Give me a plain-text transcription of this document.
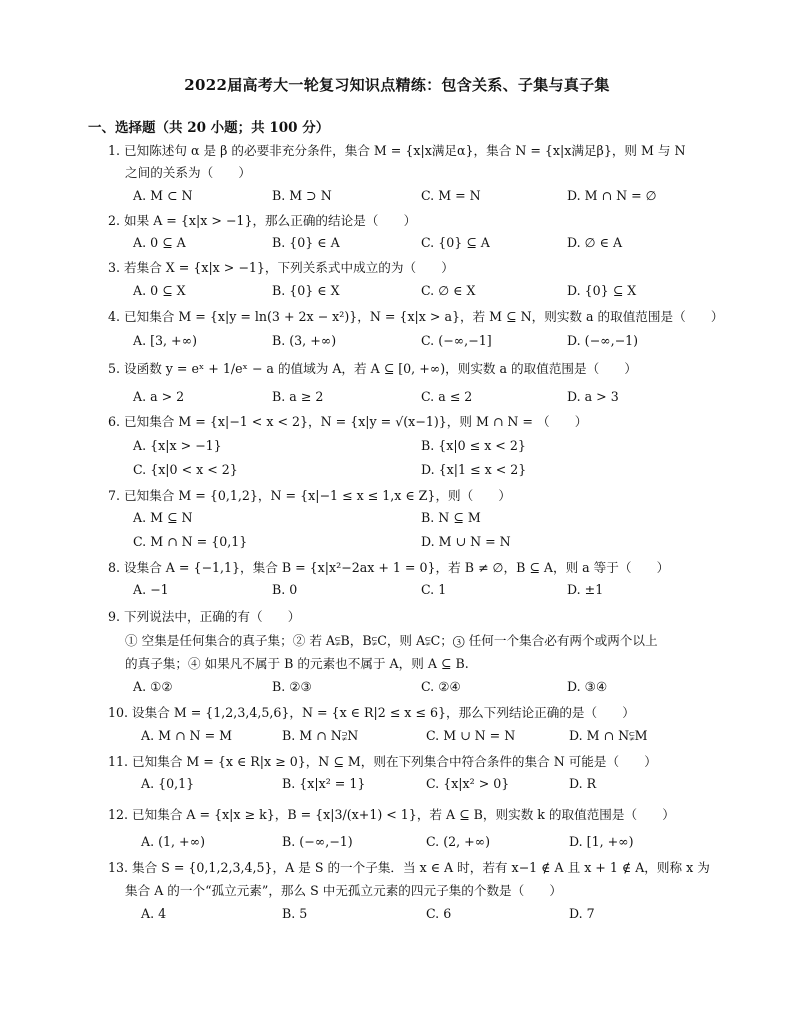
2022届高考大一轮复习知识点精练：包含关系、子集与真子集
一、选择题（共 20 小题；共 100 分）
1. 已知陈述句 α 是 β 的必要非充分条件，集合 M = {x|x满足α}，集合 N = {x|x满足β}，则 M 与 N
之间的关系为（　　）
A. M ⊂ N	B. M ⊃ N	C. M = N	D. M ∩ N = ∅
2. 如果 A = {x|x > −1}，那么正确的结论是（　　）
A. 0 ⊆ A	B. {0} ∈ A	C. {0} ⊆ A	D. ∅ ∈ A
3. 若集合 X = {x|x > −1}，下列关系式中成立的为（　　）
A. 0 ⊆ X	B. {0} ∈ X	C. ∅ ∈ X	D. {0} ⊆ X
4. 已知集合 M = {x|y = ln(3 + 2x − x²)}，N = {x|x > a}，若 M ⊆ N，则实数 a 的取值范围是（　　）
A. [3, +∞)	B. (3, +∞)	C. (−∞,−1]	D. (−∞,−1)
5. 设函数 y = eˣ + 1/eˣ − a 的值域为 A，若 A ⊆ [0, +∞)，则实数 a 的取值范围是（　　）
A. a > 2	B. a ≥ 2	C. a ≤ 2	D. a > 3
6. 已知集合 M = {x|−1 < x < 2}，N = {x|y = √(x−1)}，则 M ∩ N = （　　）
A. {x|x > −1}	B. {x|0 ≤ x < 2}
C. {x|0 < x < 2}	D. {x|1 ≤ x < 2}
7. 已知集合 M = {0,1,2}，N = {x|−1 ≤ x ≤ 1,x ∈ Z}，则（　　）
A. M ⊆ N	B. N ⊆ M
C. M ∩ N = {0,1}	D. M ∪ N = N
8. 设集合 A = {−1,1}，集合 B = {x|x²−2ax + 1 = 0}，若 B ≠ ∅，B ⊆ A，则 a 等于（　　）
A. −1	B. 0	C. 1	D. ±1
9. 下列说法中，正确的有（　　）
① 空集是任何集合的真子集；② 若 A⫋B，B⫋C，则 A⫋C；③ 任何一个集合必有两个或两个以上
的真子集；④ 如果凡不属于 B 的元素也不属于 A，则 A ⊆ B.
A. ①②	B. ②③	C. ②④	D. ③④
10. 设集合 M = {1,2,3,4,5,6}，N = {x ∈ R|2 ≤ x ≤ 6}，那么下列结论正确的是（　　）
A. M ∩ N = M	B. M ∩ N⫌N	C. M ∪ N = N	D. M ∩ N⫋M
11. 已知集合 M = {x ∈ R|x ≥ 0}，N ⊆ M，则在下列集合中符合条件的集合 N 可能是（　　）
A. {0,1}	B. {x|x² = 1}	C. {x|x² > 0}	D. R
12. 已知集合 A = {x|x ≥ k}，B = {x|3/(x+1) < 1}，若 A ⊆ B，则实数 k 的取值范围是（　　）
A. (1, +∞)	B. (−∞,−1)	C. (2, +∞)	D. [1, +∞)
13. 集合 S = {0,1,2,3,4,5}，A 是 S 的一个子集．当 x ∈ A 时，若有 x−1 ∉ A 且 x + 1 ∉ A，则称 x 为
集合 A 的一个“孤立元素”，那么 S 中无孤立元素的四元子集的个数是（　　）
A. 4	B. 5	C. 6	D. 7
